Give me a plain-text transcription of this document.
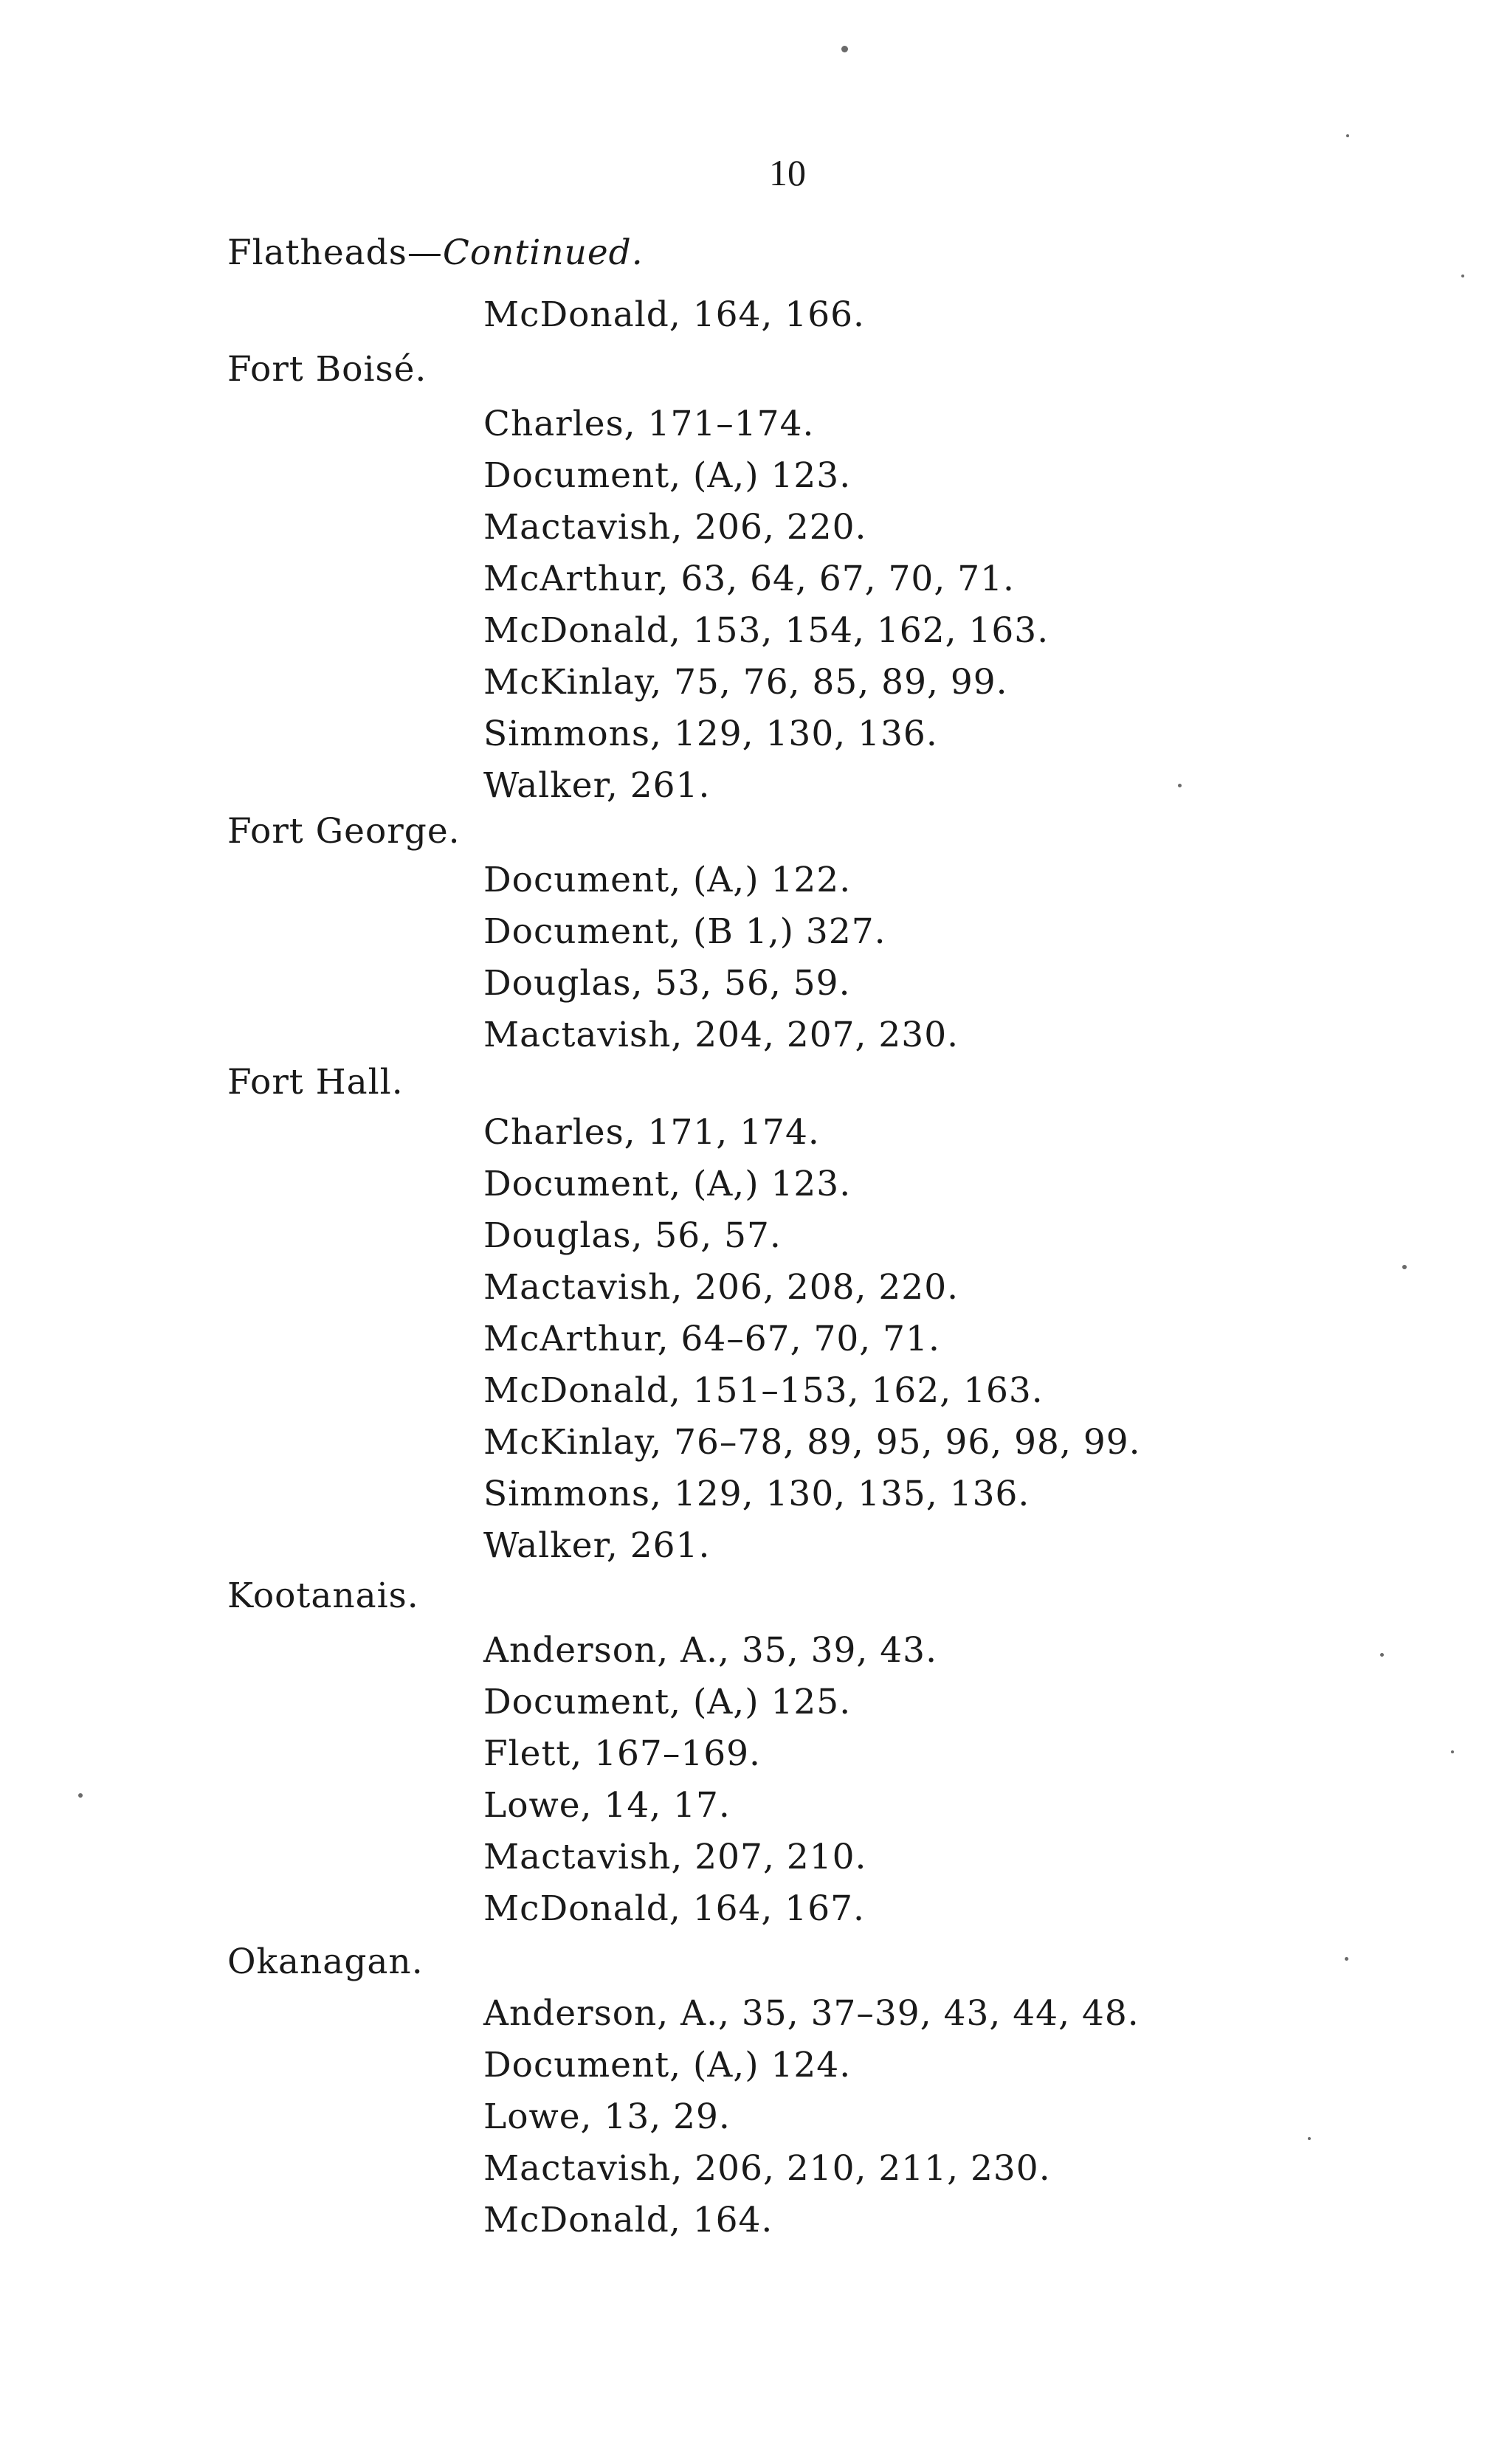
10
Flatheads—Continued.
McDonald, 164, 166.
Fort Boisé.
Charles, 171–174.
Document, (A,) 123.
Mactavish, 206, 220.
McArthur, 63, 64, 67, 70, 71.
McDonald, 153, 154, 162, 163.
McKinlay, 75, 76, 85, 89, 99.
Simmons, 129, 130, 136.
Walker, 261.
Fort George.
Document, (A,) 122.
Document, (B 1,) 327.
Douglas, 53, 56, 59.
Mactavish, 204, 207, 230.
Fort Hall.
Charles, 171, 174.
Document, (A,) 123.
Douglas, 56, 57.
Mactavish, 206, 208, 220.
McArthur, 64–67, 70, 71.
McDonald, 151–153, 162, 163.
McKinlay, 76–78, 89, 95, 96, 98, 99.
Simmons, 129, 130, 135, 136.
Walker, 261.
Kootanais.
Anderson, A., 35, 39, 43.
Document, (A,) 125.
Flett, 167–169.
Lowe, 14, 17.
Mactavish, 207, 210.
McDonald, 164, 167.
Okanagan.
Anderson, A., 35, 37–39, 43, 44, 48.
Document, (A,) 124.
Lowe, 13, 29.
Mactavish, 206, 210, 211, 230.
McDonald, 164.
